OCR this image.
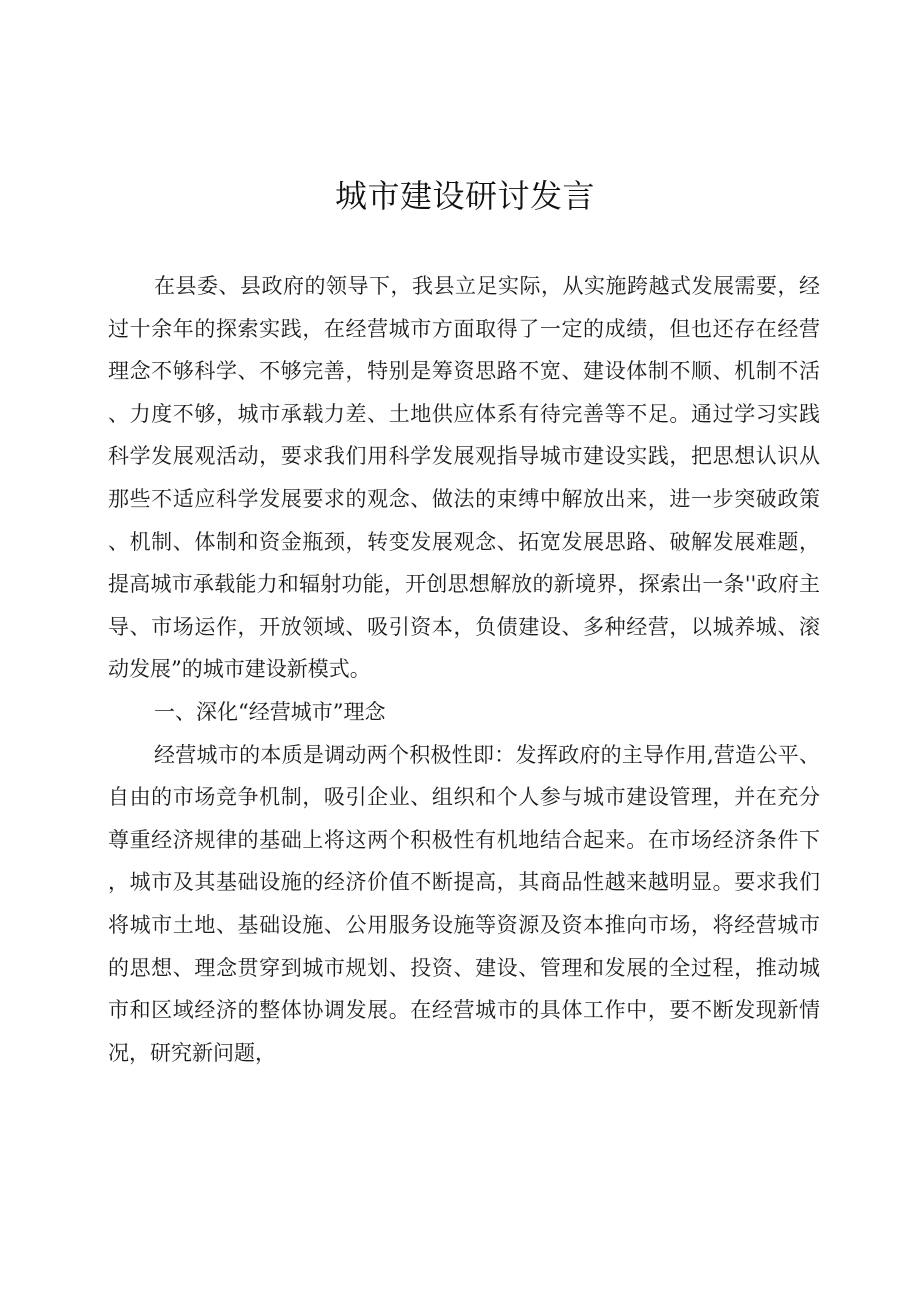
城市建设研讨发言

在县委、县政府的领导下，我县立足实际，从实施跨越式发展需要，经过十余年的探索实践，在经营城市方面取得了一定的成绩，但也还存在经营理念不够科学、不够完善，特别是筹资思路不宽、建设体制不顺、机制不活、力度不够，城市承载力差、土地供应体系有待完善等不足。通过学习实践科学发展观活动，要求我们用科学发展观指导城市建设实践，把思想认识从那些不适应科学发展要求的观念、做法的束缚中解放出来，进一步突破政策、机制、体制和资金瓶颈，转变发展观念、拓宽发展思路、破解发展难题，提高城市承载能力和辐射功能，开创思想解放的新境界，探索出一条''政府主导、市场运作，开放领域、吸引资本，负债建设、多种经营，以城养城、滚动发展”的城市建设新模式。

一、深化“经营城市”理念

经营城市的本质是调动两个积极性即：发挥政府的主导作用,营造公平、自由的市场竞争机制，吸引企业、组织和个人参与城市建设管理，并在充分尊重经济规律的基础上将这两个积极性有机地结合起来。在市场经济条件下，城市及其基础设施的经济价值不断提高，其商品性越来越明显。要求我们将城市土地、基础设施、公用服务设施等资源及资本推向市场，将经营城市的思想、理念贯穿到城市规划、投资、建设、管理和发展的全过程，推动城市和区域经济的整体协调发展。在经营城市的具体工作中，要不断发现新情况，研究新问题，
